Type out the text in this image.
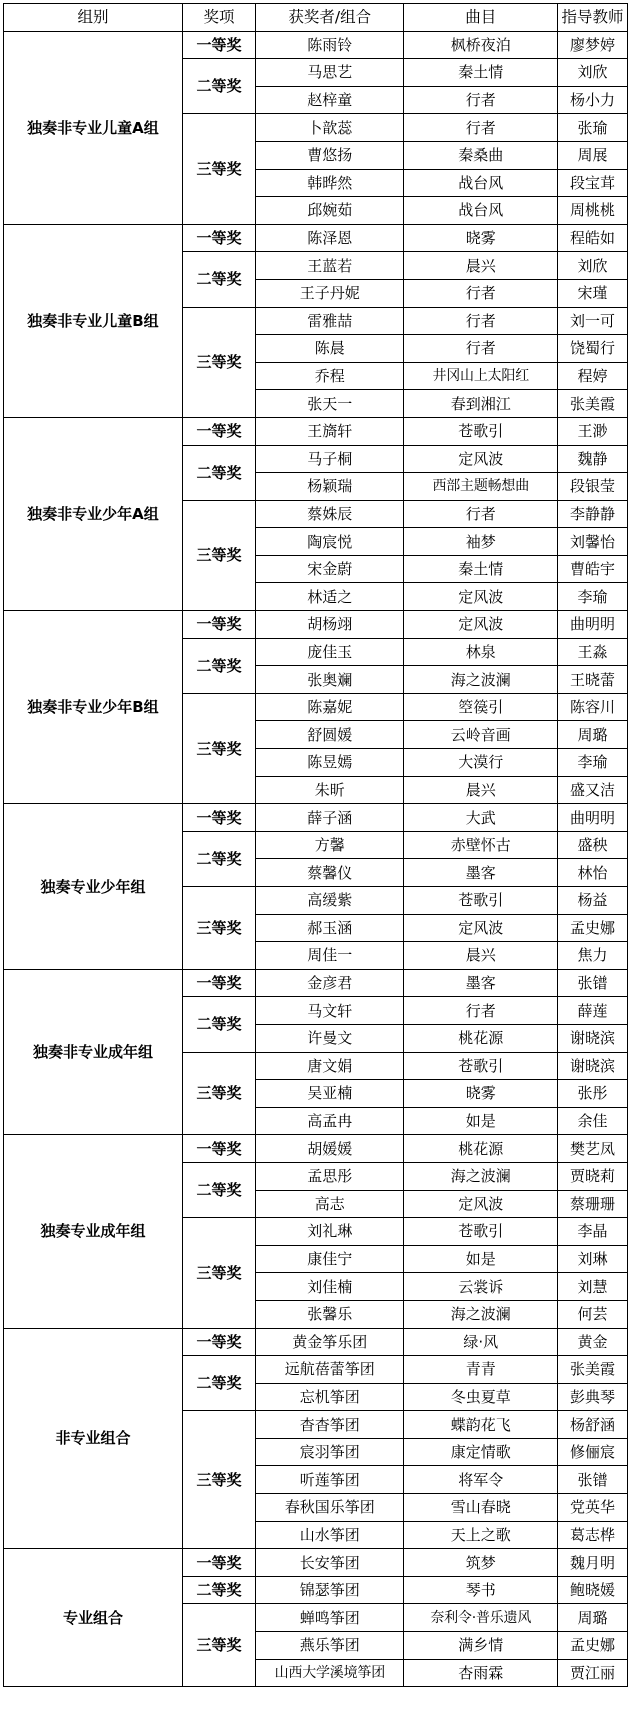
组别	奖项	获奖者/组合	曲目	指导教师
独奏非专业儿童A组	一等奖	陈雨铃	枫桥夜泊	廖梦婷
	二等奖	马思艺	秦土情	刘欣
		赵梓童	行者	杨小力
	三等奖	卜歆蕊	行者	张瑜
		曹悠扬	秦桑曲	周展
		韩晔然	战台风	段宝茸
		邱婉茹	战台风	周桃桃
独奏非专业儿童B组	一等奖	陈泽恩	晓雾	程皓如
	二等奖	王蓝若	晨兴	刘欣
		王子丹妮	行者	宋瑾
	三等奖	雷雅喆	行者	刘一可
		陈晨	行者	饶蜀行
		乔程	井冈山上太阳红	程婷
		张天一	春到湘江	张美霞
独奏非专业少年A组	一等奖	王旖轩	苍歌引	王渺
	二等奖	马子桐	定风波	魏静
		杨颖瑞	西部主题畅想曲	段银莹
	三等奖	蔡姝辰	行者	李静静
		陶宸悦	袖梦	刘馨怡
		宋金蔚	秦土情	曹皓宇
		林适之	定风波	李瑜
独奏非专业少年B组	一等奖	胡杨翊	定风波	曲明明
	二等奖	庞佳玉	林泉	王淼
		张奥斓	海之波澜	王晓蕾
	三等奖	陈嘉妮	箜篌引	陈容川
		舒圆媛	云岭音画	周璐
		陈昱嫣	大漠行	李瑜
		朱昕	晨兴	盛又洁
独奏专业少年组	一等奖	薛子涵	大武	曲明明
	二等奖	方馨	赤壁怀古	盛秧
		蔡馨仪	墨客	林怡
	三等奖	高缓紫	苍歌引	杨益
		郝玉涵	定风波	孟史娜
		周佳一	晨兴	焦力
独奏非专业成年组	一等奖	金彦君	墨客	张镨
	二等奖	马文轩	行者	薛莲
		许曼文	桃花源	谢晓滨
	三等奖	唐文娟	苍歌引	谢晓滨
		吴亚楠	晓雾	张彤
		高孟冉	如是	余佳
独奏专业成年组	一等奖	胡媛媛	桃花源	樊艺凤
	二等奖	孟思彤	海之波澜	贾晓莉
		高志	定风波	蔡珊珊
	三等奖	刘礼琳	苍歌引	李晶
		康佳宁	如是	刘琳
		刘佳楠	云裳诉	刘慧
		张馨乐	海之波澜	何芸
非专业组合	一等奖	黄金筝乐团	绿·风	黄金
	二等奖	远航蓓蕾筝团	青青	张美霞
		忘机筝团	冬虫夏草	彭典琴
	三等奖	杳杳筝团	蝶韵花飞	杨舒涵
		宸羽筝团	康定情歌	修俪宸
		听莲筝团	将军令	张镨
		春秋国乐筝团	雪山春晓	党英华
		山水筝团	天上之歌	葛志桦
专业组合	一等奖	长安筝团	筑梦	魏月明
	二等奖	锦瑟筝团	琴书	鲍晓媛
	三等奖	蝉鸣筝团	奈利令·普乐遗风	周璐
		燕乐筝团	满乡情	孟史娜
		山西大学溪境筝团	杏雨霖	贾江丽
